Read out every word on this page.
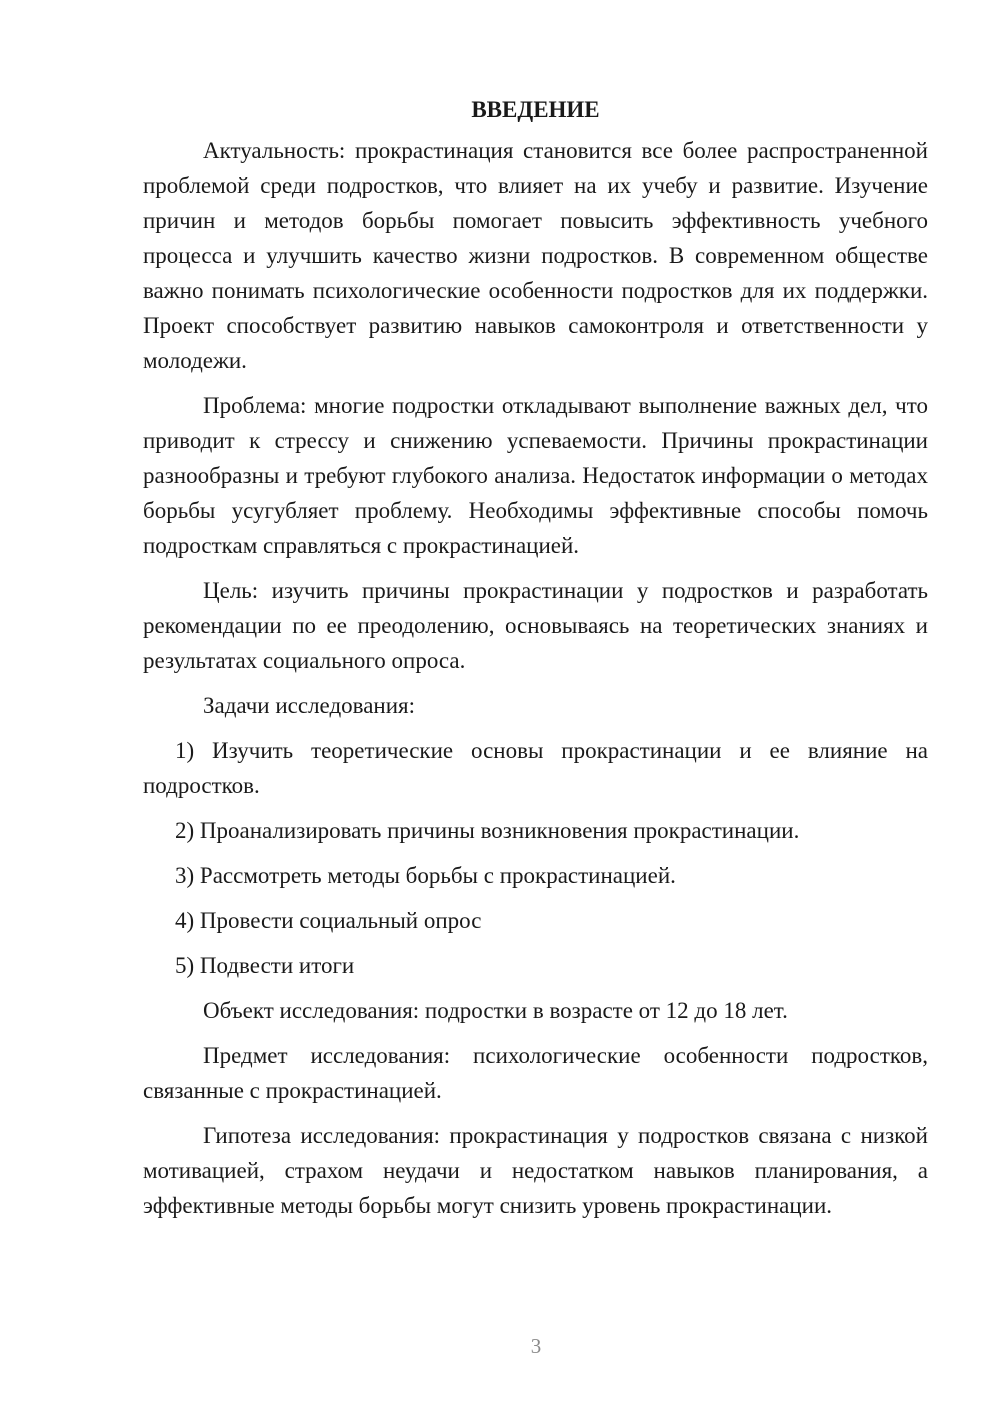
ВВЕДЕНИЕ

Актуальность: прокрастинация становится все более распространенной проблемой среди подростков, что влияет на их учебу и развитие. Изучение причин и методов борьбы помогает повысить эффективность учебного процесса и улучшить качество жизни подростков. В современном обществе важно понимать психологические особенности подростков для их поддержки. Проект способствует развитию навыков самоконтроля и ответственности у молодежи.

Проблема: многие подростки откладывают выполнение важных дел, что приводит к стрессу и снижению успеваемости. Причины прокрастинации разнообразны и требуют глубокого анализа. Недостаток информации о методах борьбы усугубляет проблему. Необходимы эффективные способы помочь подросткам справляться с прокрастинацией.

Цель: изучить причины прокрастинации у подростков и разработать рекомендации по ее преодолению, основываясь на теоретических знаниях и результатах социального опроса.

Задачи исследования:

1) Изучить теоретические основы прокрастинации и ее влияние на подростков.

2) Проанализировать причины возникновения прокрастинации.

3) Рассмотреть методы борьбы с прокрастинацией.

4) Провести социальный опрос

5) Подвести итоги

Объект исследования: подростки в возрасте от 12 до 18 лет.

Предмет исследования: психологические особенности подростков, связанные с прокрастинацией.

Гипотеза исследования: прокрастинация у подростков связана с низкой мотивацией, страхом неудачи и недостатком навыков планирования, а эффективные методы борьбы могут снизить уровень прокрастинации.

3
